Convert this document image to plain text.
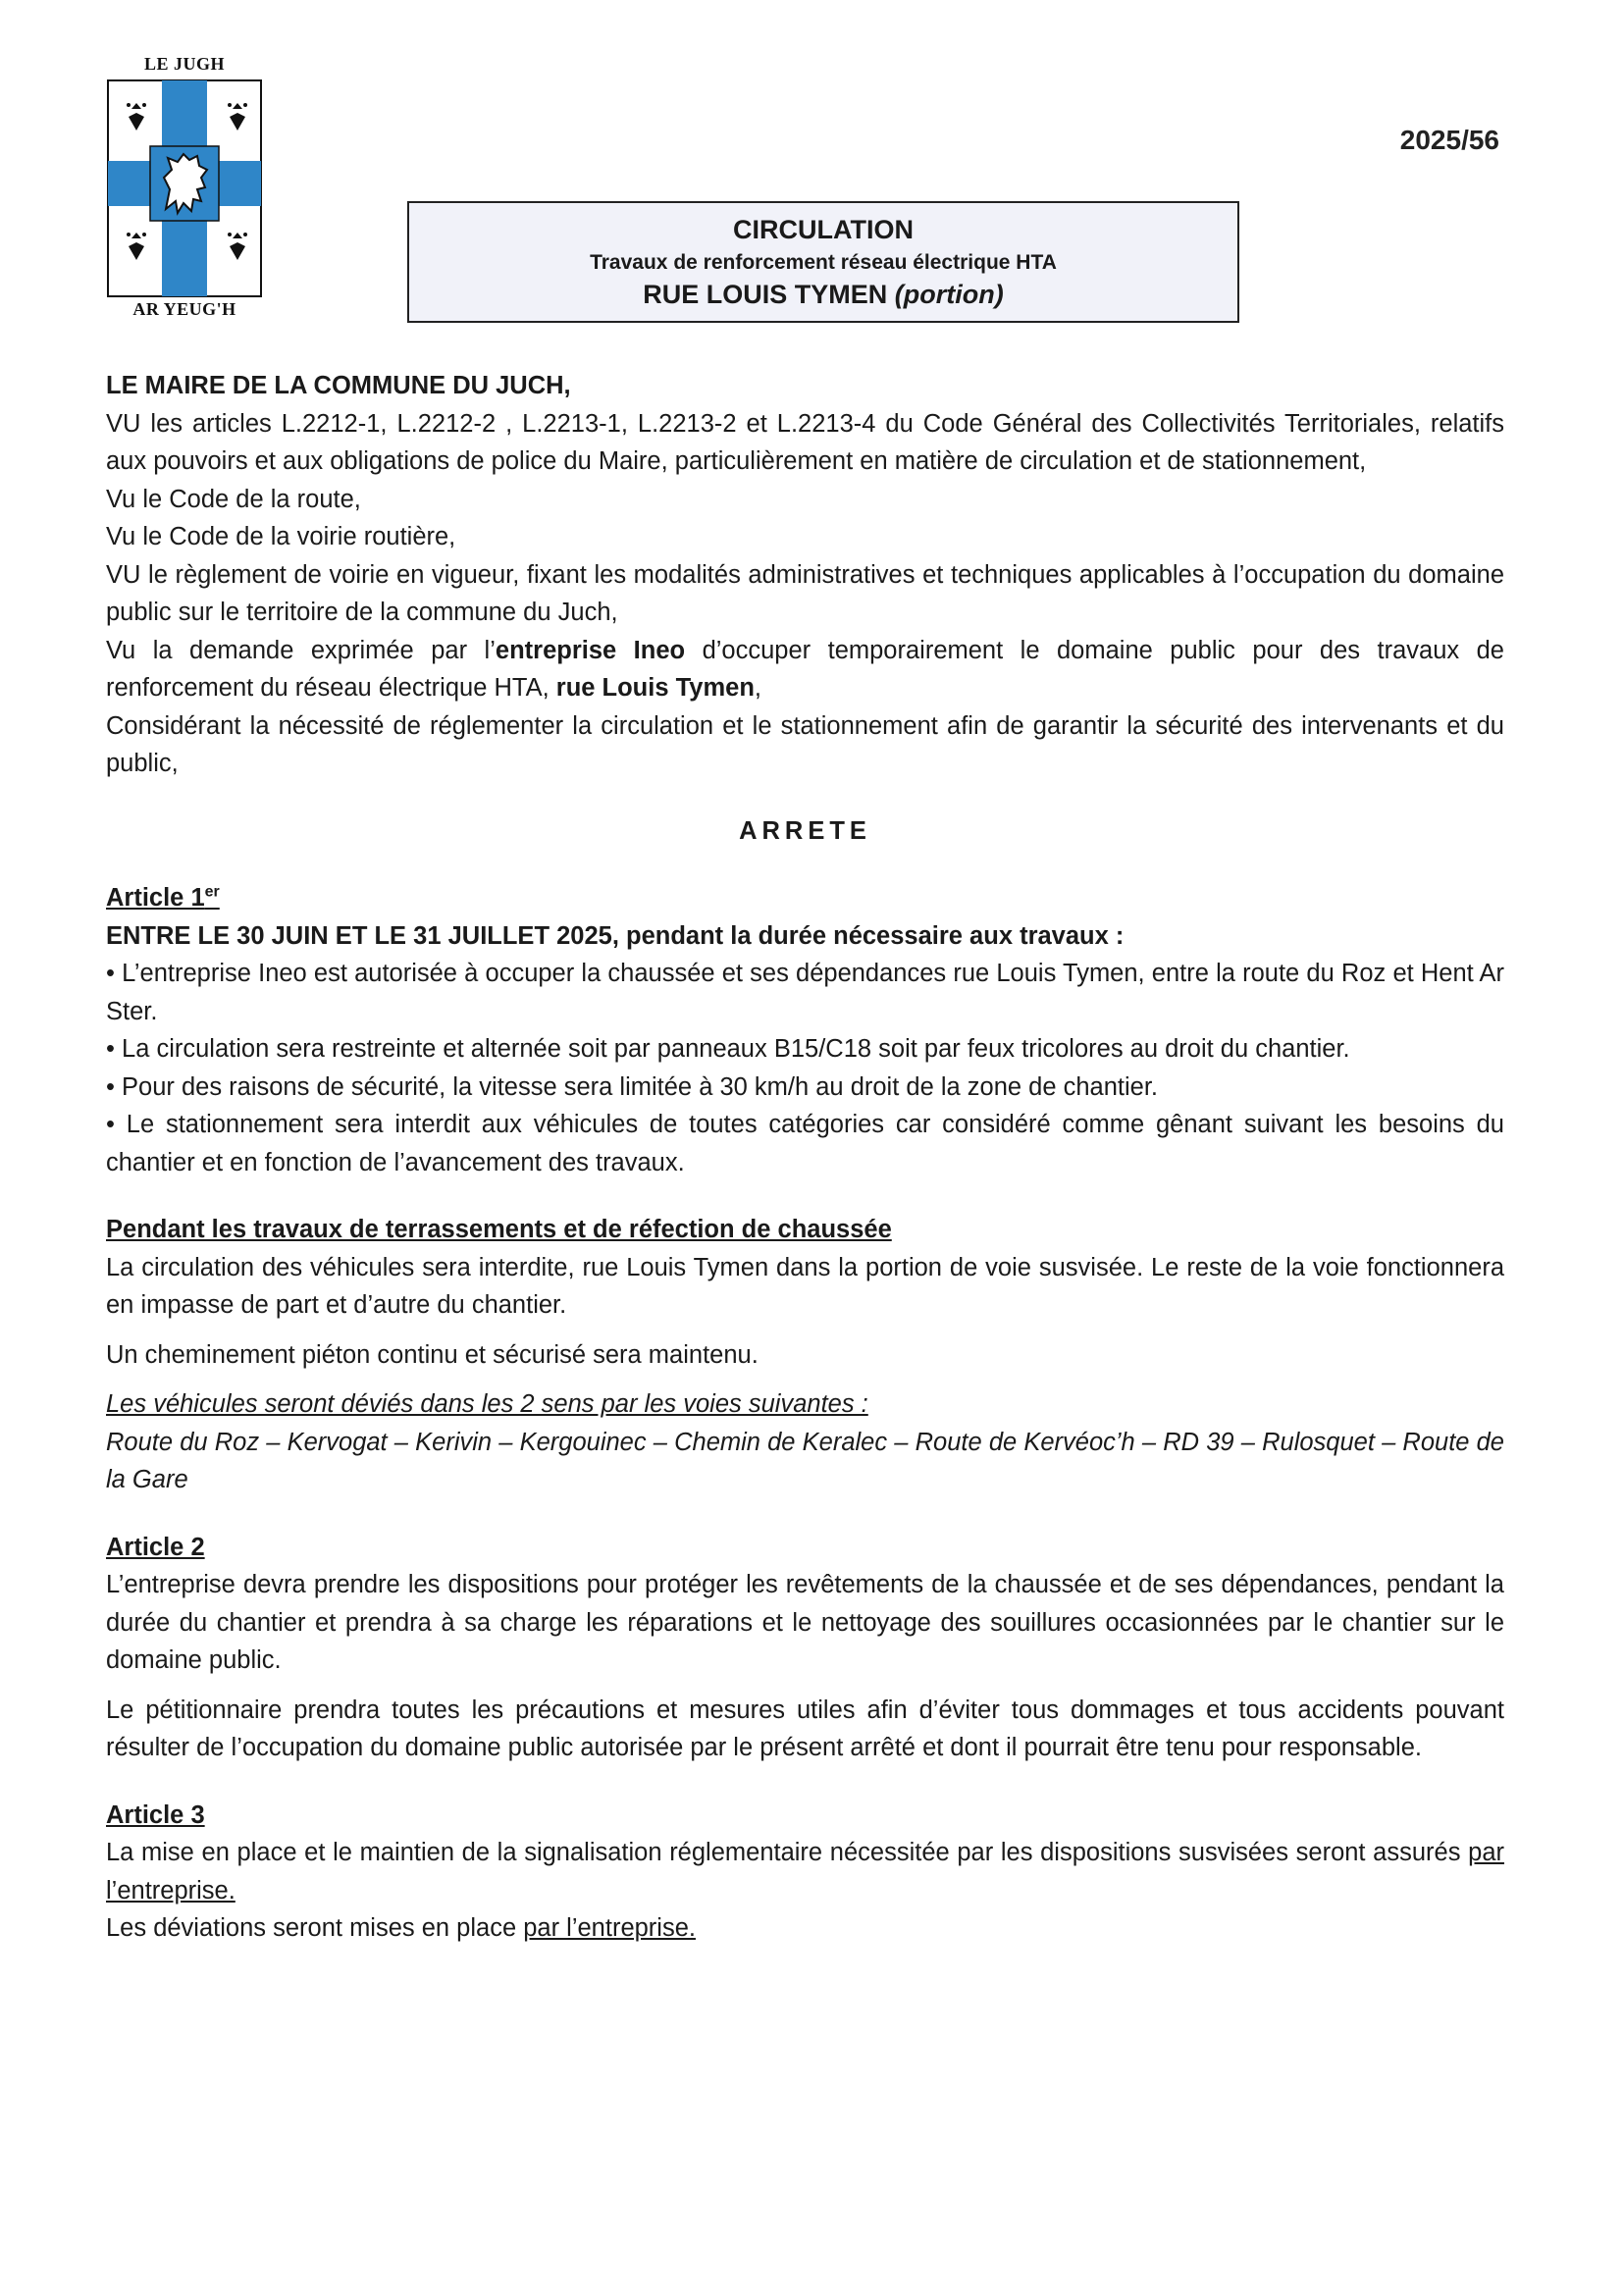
LE JUGH
AR YEUG'H
2025/56
CIRCULATION
Travaux de renforcement réseau électrique HTA
RUE LOUIS TYMEN (portion)

LE MAIRE DE LA COMMUNE DU JUCH,

VU les articles L.2212-1, L.2212-2 , L.2213-1, L.2213-2 et L.2213-4 du Code Général des Collectivités Territoriales, relatifs aux pouvoirs et aux obligations de police du Maire, particulièrement en matière de circulation et de stationnement,

Vu le Code de la route,

Vu le Code de la voirie routière,

VU le règlement de voirie en vigueur, fixant les modalités administratives et techniques applicables à l’occupation du domaine public sur le territoire de la commune du Juch,

Vu la demande exprimée par l’entreprise Ineo d’occuper temporairement le domaine public pour des travaux de renforcement du réseau électrique HTA, rue Louis Tymen,

Considérant la nécessité de réglementer la circulation et le stationnement afin de garantir la sécurité des intervenants et du public,

ARRETE

Article 1er

ENTRE LE 30 JUIN ET LE 31 JUILLET 2025, pendant la durée nécessaire aux travaux :

• L’entreprise Ineo est autorisée à occuper la chaussée et ses dépendances rue Louis Tymen, entre la route du Roz et Hent Ar Ster.

• La circulation sera restreinte et alternée soit par panneaux B15/C18 soit par feux tricolores au droit du chantier.

• Pour des raisons de sécurité, la vitesse sera limitée à 30 km/h au droit de la zone de chantier.

• Le stationnement sera interdit aux véhicules de toutes catégories car considéré comme gênant suivant les besoins du chantier et en fonction de l’avancement des travaux.

Pendant les travaux de terrassements et de réfection de chaussée

La circulation des véhicules sera interdite, rue Louis Tymen dans la portion de voie susvisée. Le reste de la voie fonctionnera en impasse de part et d’autre du chantier.

Un cheminement piéton continu et sécurisé sera maintenu.

Les véhicules seront déviés dans les 2 sens par les voies suivantes :

Route du Roz – Kervogat – Kerivin – Kergouinec – Chemin de Keralec – Route de Kervéoc’h – RD 39 – Rulosquet – Route de la Gare

Article 2

L’entreprise devra prendre les dispositions pour protéger les revêtements de la chaussée et de ses dépendances, pendant la durée du chantier et prendra à sa charge les réparations et le nettoyage des souillures occasionnées par le chantier sur le domaine public.

Le pétitionnaire prendra toutes les précautions et mesures utiles afin d’éviter tous dommages et tous accidents pouvant résulter de l’occupation du domaine public autorisée par le présent arrêté et dont il pourrait être tenu pour responsable.

Article 3

La mise en place et le maintien de la signalisation réglementaire nécessitée par les dispositions susvisées seront assurés par l’entreprise.

Les déviations seront mises en place par l’entreprise.
